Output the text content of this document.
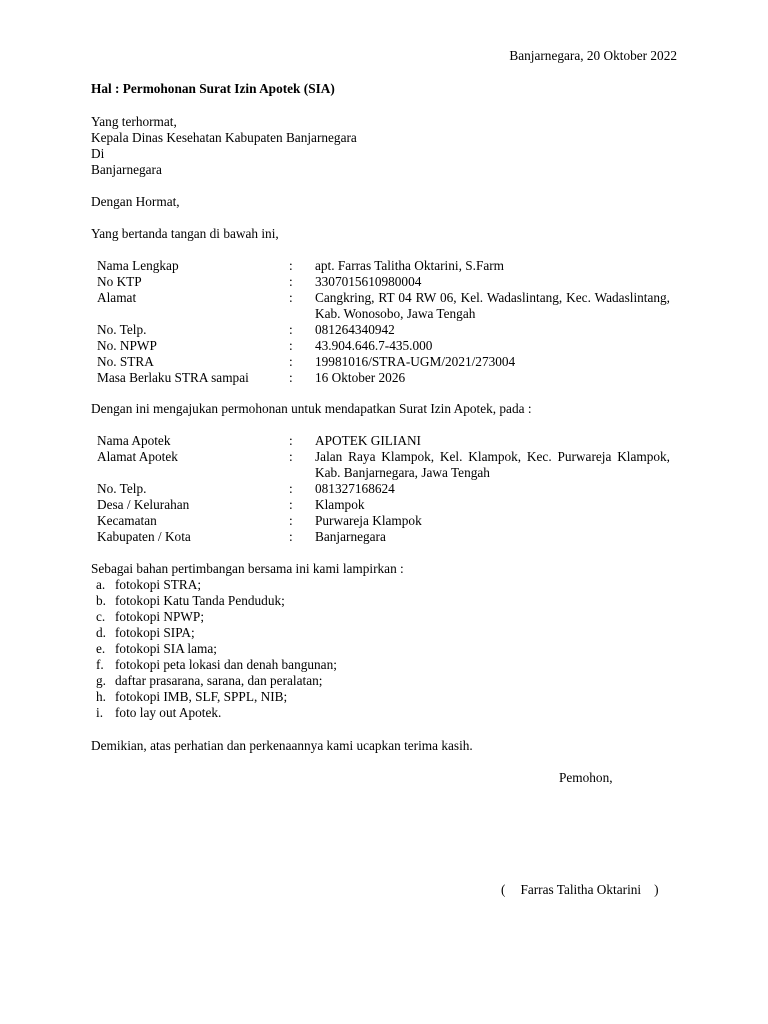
Banjarnegara, 20 Oktober 2022
Hal : Permohonan Surat Izin Apotek (SIA)
Yang terhormat,
Kepala Dinas Kesehatan Kabupaten Banjarnegara
Di
Banjarnegara
Dengan Hormat,
Yang bertanda tangan di bawah ini,
Nama Lengkap	:	apt. Farras Talitha Oktarini, S.Farm
No KTP	:	3307015610980004
Alamat	:	Cangkring, RT 04 RW 06, Kel. Wadaslintang, Kec. Wadaslintang, Kab. Wonosobo, Jawa Tengah
No. Telp.	:	081264340942
No. NPWP	:	43.904.646.7-435.000
No. STRA	:	19981016/STRA-UGM/2021/273004
Masa Berlaku STRA sampai	:	16 Oktober 2026
Dengan ini mengajukan permohonan untuk mendapatkan Surat Izin Apotek, pada :
Nama Apotek	:	APOTEK GILIANI
Alamat Apotek	:	Jalan Raya Klampok, Kel. Klampok, Kec. Purwareja Klampok, Kab. Banjarnegara, Jawa Tengah
No. Telp.	:	081327168624
Desa / Kelurahan	:	Klampok
Kecamatan	:	Purwareja Klampok
Kabupaten / Kota	:	Banjarnegara
Sebagai bahan pertimbangan bersama ini kami lampirkan :
a. fotokopi STRA;
b. fotokopi Katu Tanda Penduduk;
c. fotokopi NPWP;
d. fotokopi SIPA;
e. fotokopi SIA lama;
f. fotokopi peta lokasi dan denah bangunan;
g. daftar prasarana, sarana, dan peralatan;
h. fotokopi IMB, SLF, SPPL, NIB;
i. foto lay out Apotek.
Demikian, atas perhatian dan perkenaannya kami ucapkan terima kasih.
Pemohon,
( Farras Talitha Oktarini )
